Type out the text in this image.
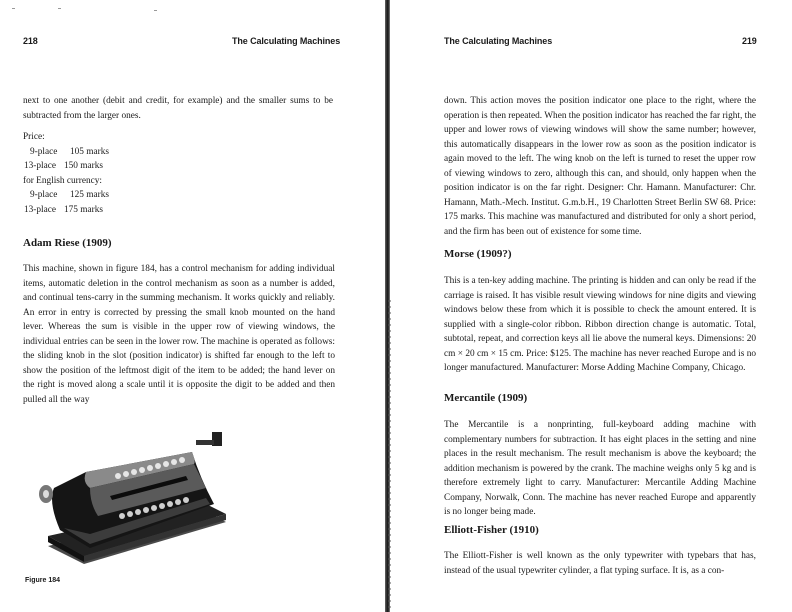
218	The Calculating Machines
next to one another (debit and credit, for example) and the smaller sums to be subtracted from the larger ones.
Price:
9-place	105 marks
13-place 150 marks
for English currency:
9-place	125 marks
13-place 175 marks
Adam Riese (1909)
This machine, shown in figure 184, has a control mechanism for adding individual items, automatic deletion in the control mechanism as soon as a number is added, and continual tens-carry in the summing mechanism. It works quickly and reliably. An error in entry is corrected by pressing the small knob mounted on the hand lever. Whereas the sum is visible in the upper row of viewing windows, the individual entries can be seen in the lower row. The machine is operated as follows: the sliding knob in the slot (position indicator) is shifted far enough to the left to show the position of the leftmost digit of the item to be added; the hand lever on the right is moved along a scale until it is opposite the digit to be added and then pulled all the way
Figure 184
The Calculating Machines	219
down. This action moves the position indicator one place to the right, where the operation is then repeated. When the position indicator has reached the far right, the upper and lower rows of viewing windows will show the same number; however, this automatically disappears in the lower row as soon as the position indicator is again moved to the left. The wing knob on the left is turned to reset the upper row of viewing windows to zero, although this can, and should, only happen when the position indicator is on the far right. Designer: Chr. Hamann. Manufacturer: Chr. Hamann, Math.-Mech. Institut. G.m.b.H., 19 Charlotten Street Berlin SW 68. Price: 175 marks. This machine was manufactured and distributed for only a short period, and the firm has been out of existence for some time.
Morse (1909?)
This is a ten-key adding machine. The printing is hidden and can only be read if the carriage is raised. It has visible result viewing windows for nine digits and viewing windows below these from which it is possible to check the amount entered. It is supplied with a single-color ribbon. Ribbon direction change is automatic. Total, subtotal, repeat, and correction keys all lie above the numeral keys. Dimensions: 20 cm × 20 cm × 15 cm. Price: $125. The machine has never reached Europe and is no longer manufactured. Manufacturer: Morse Adding Machine Company, Chicago.
Mercantile (1909)
The Mercantile is a nonprinting, full-keyboard adding machine with complementary numbers for subtraction. It has eight places in the setting and nine places in the result mechanism. The result mechanism is above the keyboard; the addition mechanism is powered by the crank. The machine weighs only 5 kg and is therefore extremely light to carry. Manufacturer: Mercantile Adding Machine Company, Norwalk, Conn. The machine has never reached Europe and apparently is no longer being made.
Elliott-Fisher (1910)
The Elliott-Fisher is well known as the only typewriter with typebars that has, instead of the usual typewriter cylinder, a flat typing surface. It is, as a con-
